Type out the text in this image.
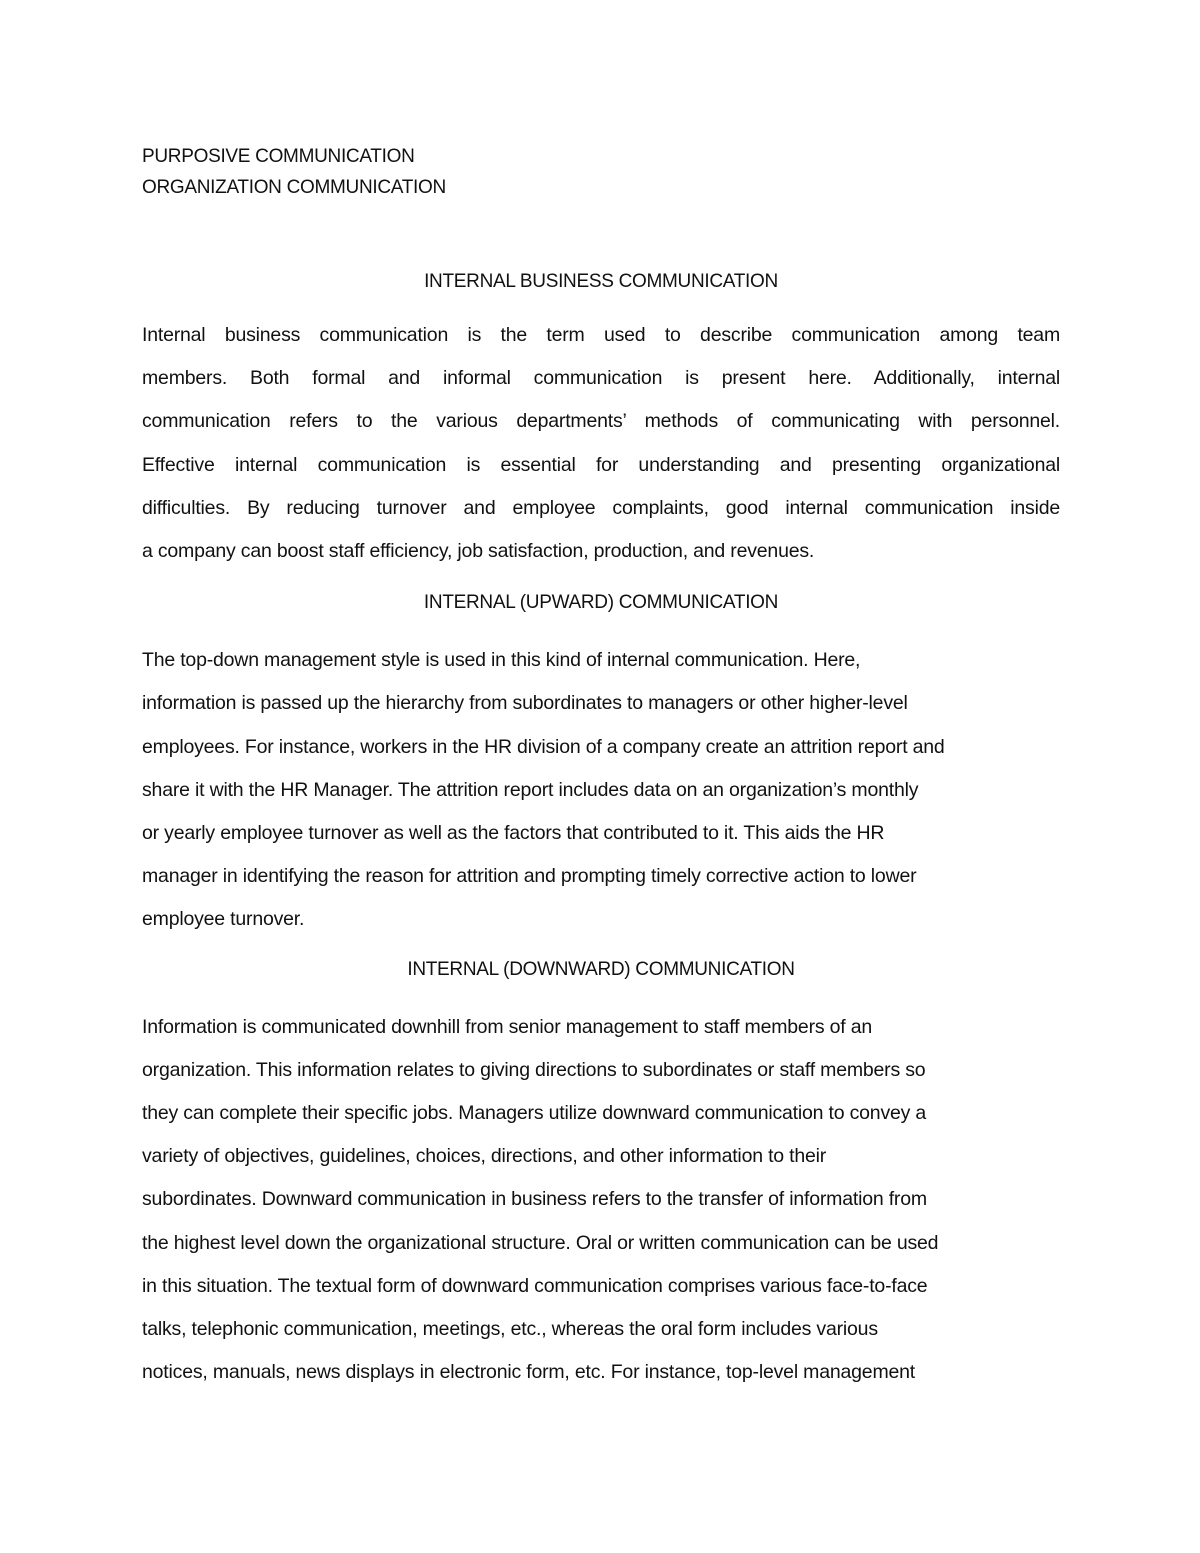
PURPOSIVE COMMUNICATION

ORGANIZATION COMMUNICATION

INTERNAL BUSINESS COMMUNICATION

Internal business communication is the term used to describe communication among team
members. Both formal and informal communication is present here. Additionally, internal
communication refers to the various departments’ methods of communicating with personnel.
Effective internal communication is essential for understanding and presenting organizational
difficulties. By reducing turnover and employee complaints, good internal communication inside
a company can boost staff efficiency, job satisfaction, production, and revenues.

INTERNAL (UPWARD) COMMUNICATION

The top-down management style is used in this kind of internal communication. Here,
information is passed up the hierarchy from subordinates to managers or other higher-level
employees. For instance, workers in the HR division of a company create an attrition report and
share it with the HR Manager. The attrition report includes data on an organization’s monthly
or yearly employee turnover as well as the factors that contributed to it. This aids the HR
manager in identifying the reason for attrition and prompting timely corrective action to lower
employee turnover.

INTERNAL (DOWNWARD) COMMUNICATION

Information is communicated downhill from senior management to staff members of an
organization. This information relates to giving directions to subordinates or staff members so
they can complete their specific jobs. Managers utilize downward communication to convey a
variety of objectives, guidelines, choices, directions, and other information to their
subordinates. Downward communication in business refers to the transfer of information from
the highest level down the organizational structure. Oral or written communication can be used
in this situation. The textual form of downward communication comprises various face-to-face
talks, telephonic communication, meetings, etc., whereas the oral form includes various
notices, manuals, news displays in electronic form, etc. For instance, top-level management
